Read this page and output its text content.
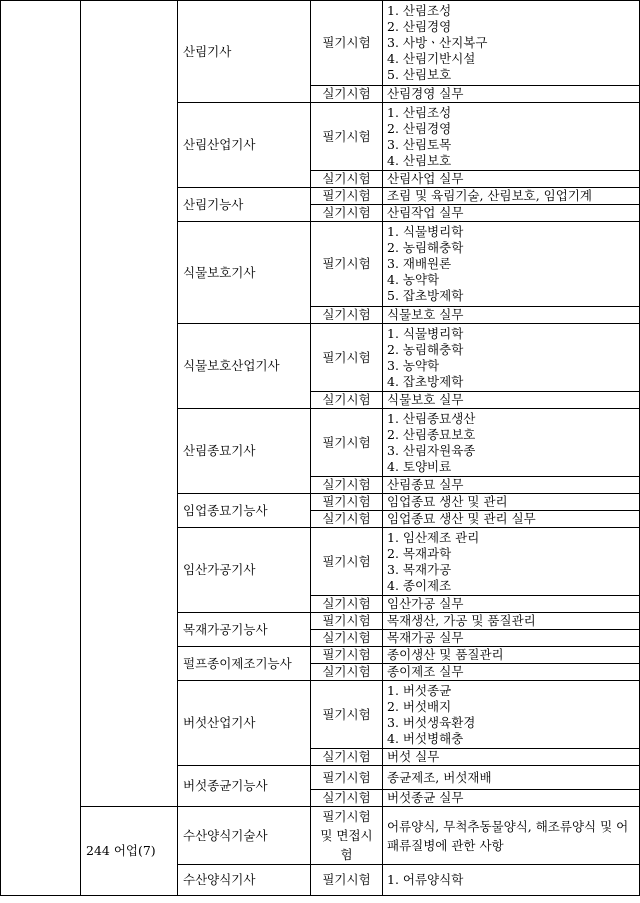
		산림기사	필기시험	1. 산림조성
2. 산림경영
3. 사방ㆍ산지복구
4. 산림기반시설
5. 산림보호

			실기시험	산림경영 실무

		산림산업기사	필기시험	1. 산림조성
2. 산림경영
3. 산림토목
4. 산림보호

			실기시험	산림사업 실무

		산림기능사	필기시험	조림 및 육림기술, 산림보호, 임업기계

			실기시험	산림작업 실무

		식물보호기사	필기시험	1. 식물병리학
2. 농림해충학
3. 재배원론
4. 농약학
5. 잡초방제학

			실기시험	식물보호 실무

		식물보호산업기사	필기시험	1. 식물병리학
2. 농림해충학
3. 농약학
4. 잡초방제학

			실기시험	식물보호 실무

		산림종묘기사	필기시험	1. 산림종묘생산
2. 산림종묘보호
3. 산림자원육종
4. 토양비료

			실기시험	산림종묘 실무

		임업종묘기능사	필기시험	임업종묘 생산 및 관리

			실기시험	임업종묘 생산 및 관리 실무

		임산가공기사	필기시험	1. 임산제조 관리
2. 목재과학
3. 목재가공
4. 종이제조

			실기시험	임산가공 실무

		목재가공기능사	필기시험	목재생산, 가공 및 품질관리

			실기시험	목재가공 실무

		펄프종이제조기능사	필기시험	종이생산 및 품질관리

			실기시험	종이제조 실무

		버섯산업기사	필기시험	1. 버섯종균
2. 버섯배지
3. 버섯생육환경
4. 버섯병해충

			실기시험	버섯 실무

		버섯종균기능사	필기시험	종균제조, 버섯재배

			실기시험	버섯종균 실무

	244 어업(7)	수산양식기술사	필기시험 및 면접시험	어류양식, 무척추동물양식, 해조류양식 및 어패류질병에 관한 사항

		수산양식기사	필기시험	1. 어류양식학
